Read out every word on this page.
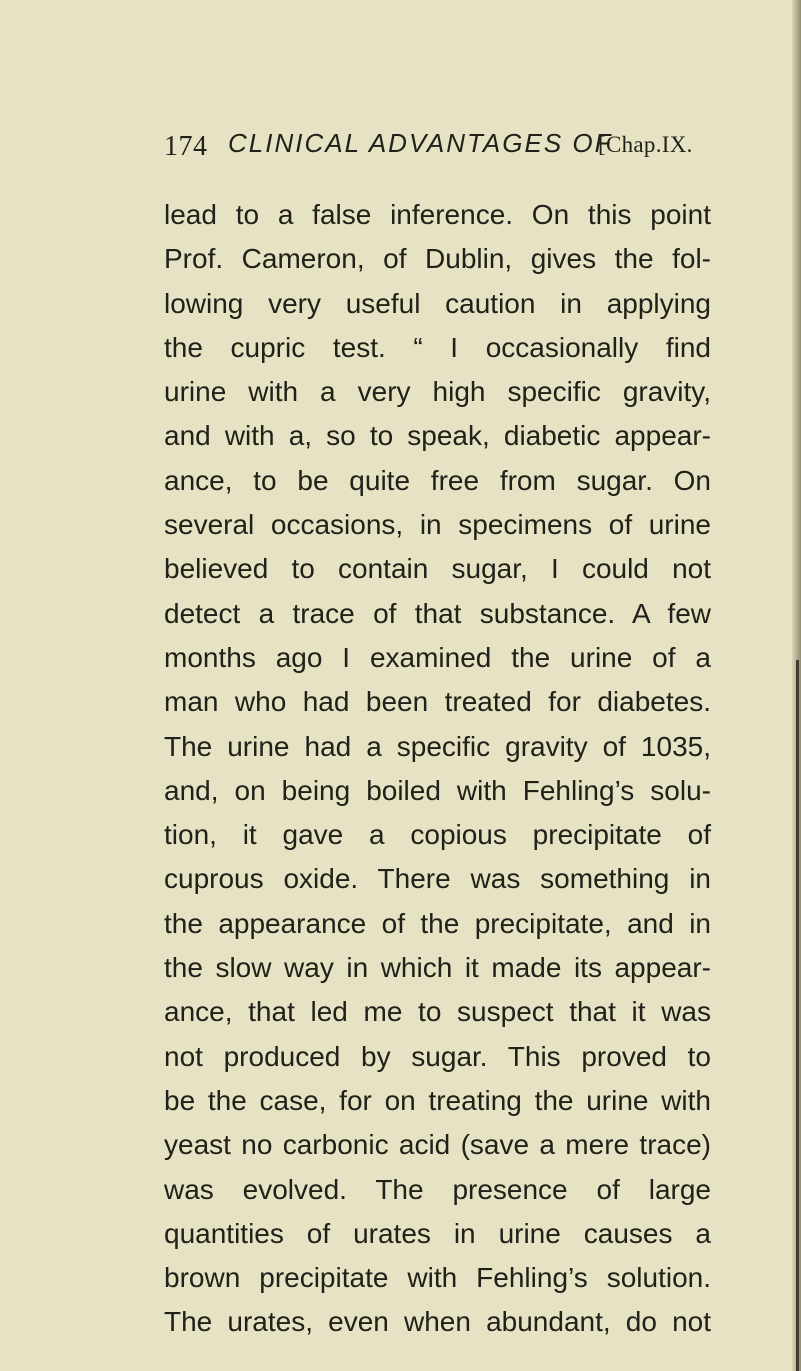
174 CLINICAL ADVANTAGES OF
[Chap.IX.
lead to a false inference. On this point
Prof. Cameron, of Dublin, gives the fol-
lowing very useful caution in applying
the cupric test. “ I occasionally find
urine with a very high specific gravity,
and with a, so to speak, diabetic appear-
ance, to be quite free from sugar. On
several occasions, in specimens of urine
believed to contain sugar, I could not
detect a trace of that substance. A few
months ago I examined the urine of a
man who had been treated for diabetes.
The urine had a specific gravity of 1035,
and, on being boiled with Fehling’s solu-
tion, it gave a copious precipitate of
cuprous oxide. There was something in
the appearance of the precipitate, and in
the slow way in which it made its appear-
ance, that led me to suspect that it was
not produced by sugar. This proved to
be the case, for on treating the urine with
yeast no carbonic acid (save a mere trace)
was evolved. The presence of large
quantities of urates in urine causes a
brown precipitate with Fehling’s solution.
The urates, even when abundant, do not
